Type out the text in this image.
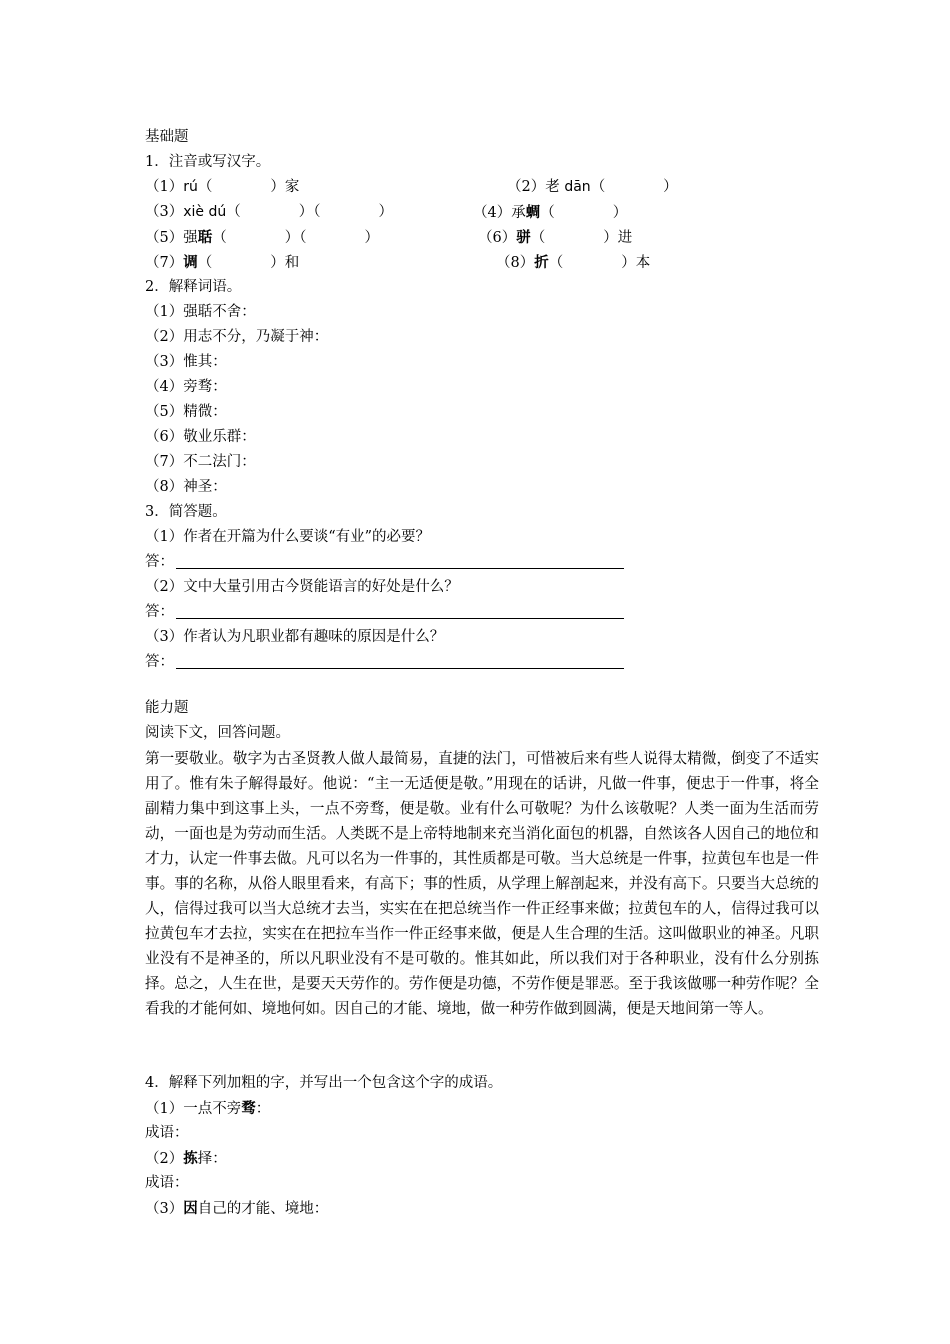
基础题
1．注音或写汉字。
（1）rú（　　　　）家	（2）老 dān（　　　　）
（3）xiè dú（　　　　）（　　　　）	（4）承蜩（　　　　）
（5）强聒（　　　　）（　　　　）	（6）骈（　　　　）进
（7）调（　　　　）和	（8）折（　　　　）本
2．解释词语。
（1）强聒不舍：
（2）用志不分，乃凝于神：
（3）惟其：
（4）旁骛：
（5）精微：
（6）敬业乐群：
（7）不二法门：
（8）神圣：
3．简答题。
（1）作者在开篇为什么要谈“有业”的必要？
答：
（2）文中大量引用古今贤能语言的好处是什么？
答：
（3）作者认为凡职业都有趣味的原因是什么？
答：
能力题
阅读下文，回答问题。
第一要敬业。敬字为古圣贤教人做人最简易，直捷的法门，可惜被后来有些人说得太精微，倒变了不适实用了。惟有朱子解得最好。他说：“主一无适便是敬。”用现在的话讲，凡做一件事，便忠于一件事，将全副精力集中到这事上头，一点不旁骛，便是敬。业有什么可敬呢？为什么该敬呢？人类一面为生活而劳动，一面也是为劳动而生活。人类既不是上帝特地制来充当消化面包的机器，自然该各人因自己的地位和才力，认定一件事去做。凡可以名为一件事的，其性质都是可敬。当大总统是一件事，拉黄包车也是一件事。事的名称，从俗人眼里看来，有高下；事的性质，从学理上解剖起来，并没有高下。只要当大总统的人，信得过我可以当大总统才去当，实实在在把总统当作一件正经事来做；拉黄包车的人，信得过我可以拉黄包车才去拉，实实在在把拉车当作一件正经事来做，便是人生合理的生活。这叫做职业的神圣。凡职业没有不是神圣的，所以凡职业没有不是可敬的。惟其如此，所以我们对于各种职业，没有什么分别拣择。总之，人生在世，是要天天劳作的。劳作便是功德，不劳作便是罪恶。至于我该做哪一种劳作呢？全看我的才能何如、境地何如。因自己的才能、境地，做一种劳作做到圆满，便是天地间第一等人。
4．解释下列加粗的字，并写出一个包含这个字的成语。
（1）一点不旁骛：
成语：
（2）拣择：
成语：
（3）因自己的才能、境地：
